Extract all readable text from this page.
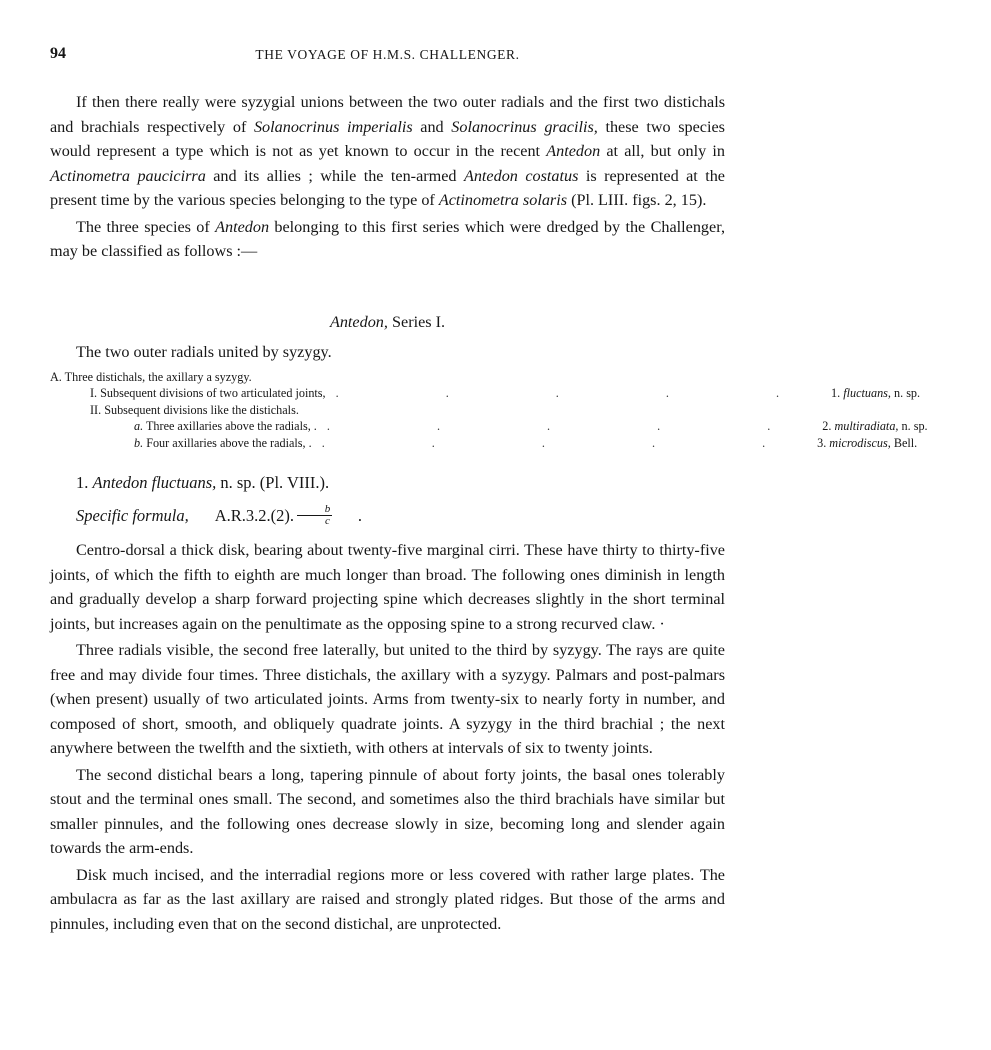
94	THE VOYAGE OF H.M.S. CHALLENGER.

If then there really were syzygial unions between the two outer radials and the first two distichals and brachials respectively of Solanocrinus imperialis and Solanocrinus gracilis, these two species would represent a type which is not as yet known to occur in the recent Antedon at all, but only in Actinometra paucicirra and its allies ; while the ten-armed Antedon costatus is represented at the present time by the various species belonging to the type of Actinometra solaris (Pl. LIII. figs. 2, 15).

The three species of Antedon belonging to this first series which were dredged by the Challenger, may be classified as follows :—

Antedon, Series I.
The two outer radials united by syzygy.
A. Three distichals, the axillary a syzygy.
I. Subsequent divisions of two articulated joints, . . . . . 1. fluctuans, n. sp.
II. Subsequent divisions like the distichals.
a. Three axillaries above the radials, . . . . . . 2. multiradiata, n. sp.
b. Four axillaries above the radials, . . . . . . 3. microdiscus, Bell.
1. Antedon fluctuans, n. sp. (Pl. VIII.).
Specific formula,	A.R.3.2.(2). $\frac{b}{c}$	.

Centro-dorsal a thick disk, bearing about twenty-five marginal cirri. These have thirty to thirty-five joints, of which the fifth to eighth are much longer than broad. The following ones diminish in length and gradually develop a sharp forward projecting spine which decreases slightly in the short terminal joints, but increases again on the penultimate as the opposing spine to a strong recurved claw. ·

Three radials visible, the second free laterally, but united to the third by syzygy. The rays are quite free and may divide four times. Three distichals, the axillary with a syzygy. Palmars and post-palmars (when present) usually of two articulated joints. Arms from twenty-six to nearly forty in number, and composed of short, smooth, and obliquely quadrate joints. A syzygy in the third brachial ; the next anywhere between the twelfth and the sixtieth, with others at intervals of six to twenty joints.

The second distichal bears a long, tapering pinnule of about forty joints, the basal ones tolerably stout and the terminal ones small. The second, and sometimes also the third brachials have similar but smaller pinnules, and the following ones decrease slowly in size, becoming long and slender again towards the arm-ends.

Disk much incised, and the interradial regions more or less covered with rather large plates. The ambulacra as far as the last axillary are raised and strongly plated ridges. But those of the arms and pinnules, including even that on the second distichal, are unprotected.
